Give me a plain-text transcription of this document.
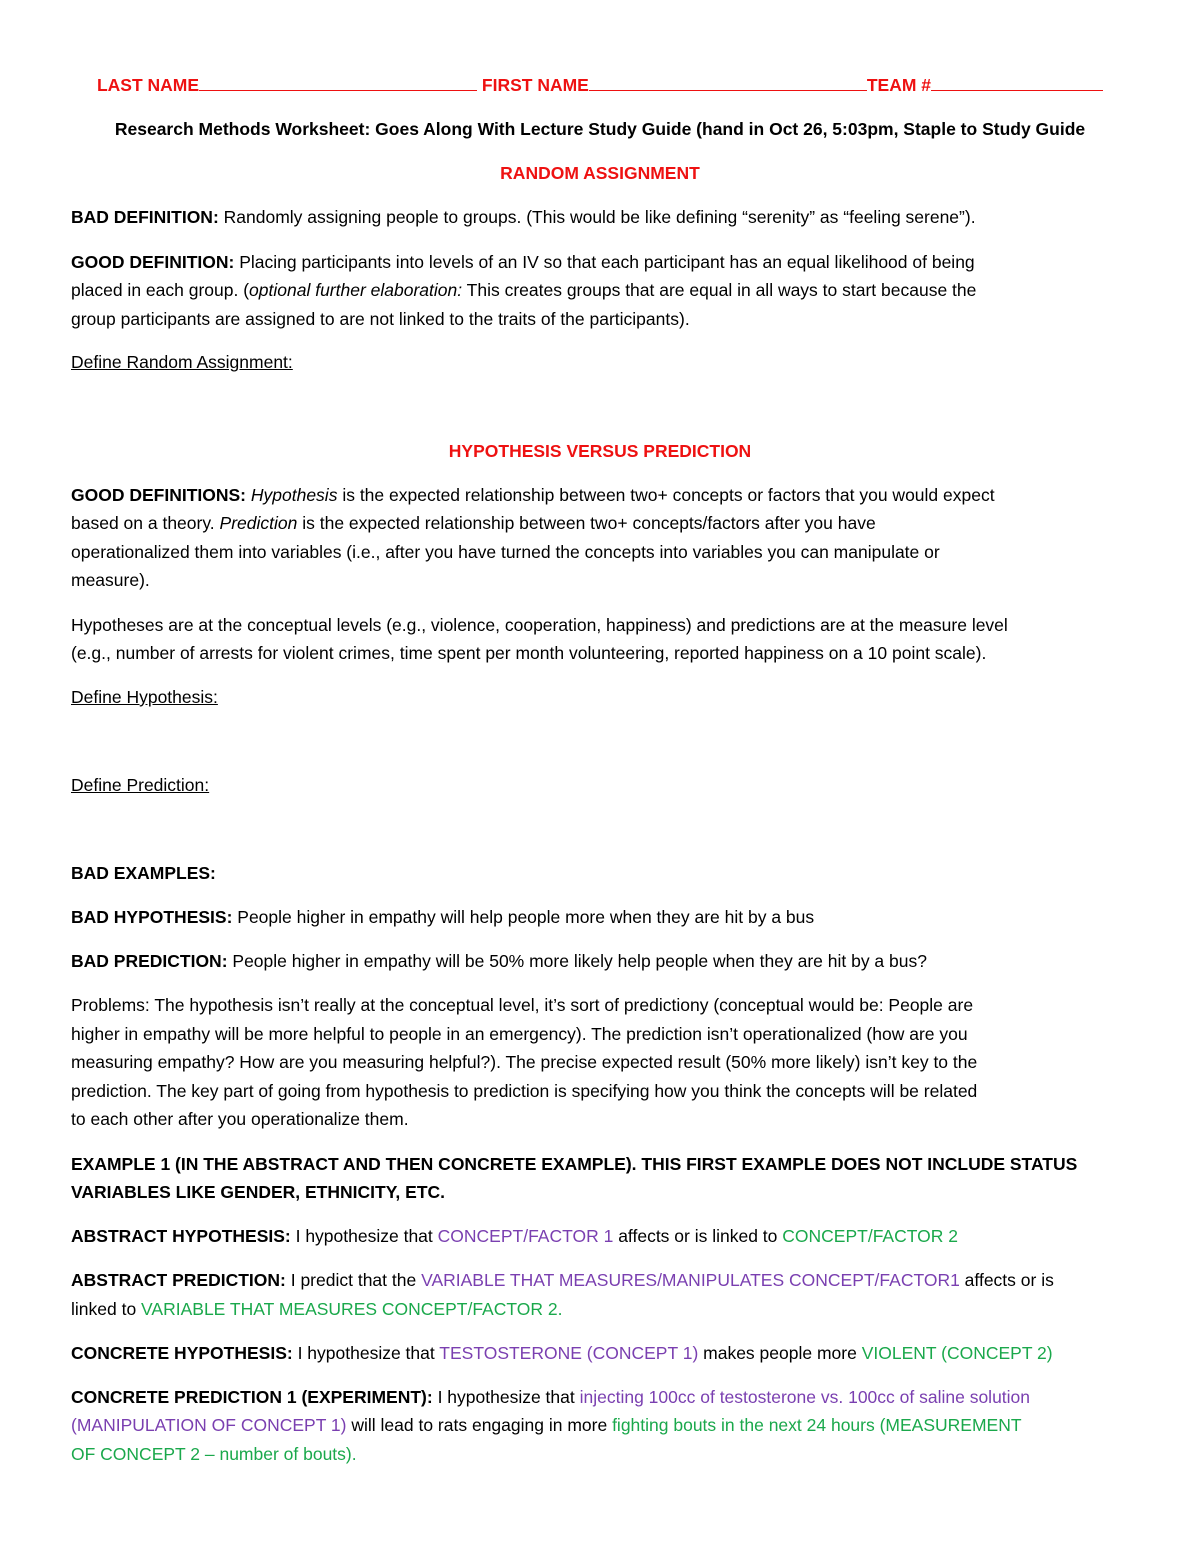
LAST NAME	FIRST NAME	TEAM #
Research Methods Worksheet: Goes Along With Lecture Study Guide (hand in Oct 26, 5:03pm, Staple to Study Guide
RANDOM ASSIGNMENT
BAD DEFINITION: Randomly assigning people to groups. (This would be like defining “serenity” as “feeling serene”).
GOOD DEFINITION: Placing participants into levels of an IV so that each participant has an equal likelihood of being
placed in each group. (optional further elaboration: This creates groups that are equal in all ways to start because the
group participants are assigned to are not linked to the traits of the participants).
Define Random Assignment:
HYPOTHESIS VERSUS PREDICTION
GOOD DEFINITIONS: Hypothesis is the expected relationship between two+ concepts or factors that you would expect
based on a theory. Prediction is the expected relationship between two+ concepts/factors after you have
operationalized them into variables (i.e., after you have turned the concepts into variables you can manipulate or
measure).
Hypotheses are at the conceptual levels (e.g., violence, cooperation, happiness) and predictions are at the measure level
(e.g., number of arrests for violent crimes, time spent per month volunteering, reported happiness on a 10 point scale).
Define Hypothesis:
Define Prediction:
BAD EXAMPLES:
BAD HYPOTHESIS: People higher in empathy will help people more when they are hit by a bus
BAD PREDICTION: People higher in empathy will be 50% more likely help people when they are hit by a bus?
Problems: The hypothesis isn’t really at the conceptual level, it’s sort of predictiony (conceptual would be: People are
higher in empathy will be more helpful to people in an emergency). The prediction isn’t operationalized (how are you
measuring empathy? How are you measuring helpful?). The precise expected result (50% more likely) isn’t key to the
prediction. The key part of going from hypothesis to prediction is specifying how you think the concepts will be related
to each other after you operationalize them.
EXAMPLE 1 (IN THE ABSTRACT AND THEN CONCRETE EXAMPLE). THIS FIRST EXAMPLE DOES NOT INCLUDE STATUS
VARIABLES LIKE GENDER, ETHNICITY, ETC.
ABSTRACT HYPOTHESIS: I hypothesize that CONCEPT/FACTOR 1 affects or is linked to CONCEPT/FACTOR 2
ABSTRACT PREDICTION: I predict that the VARIABLE THAT MEASURES/MANIPULATES CONCEPT/FACTOR1 affects or is
linked to VARIABLE THAT MEASURES CONCEPT/FACTOR 2.
CONCRETE HYPOTHESIS: I hypothesize that TESTOSTERONE (CONCEPT 1) makes people more VIOLENT (CONCEPT 2)
CONCRETE PREDICTION 1 (EXPERIMENT): I hypothesize that injecting 100cc of testosterone vs. 100cc of saline solution
(MANIPULATION OF CONCEPT 1) will lead to rats engaging in more fighting bouts in the next 24 hours (MEASUREMENT
OF CONCEPT 2 – number of bouts).
